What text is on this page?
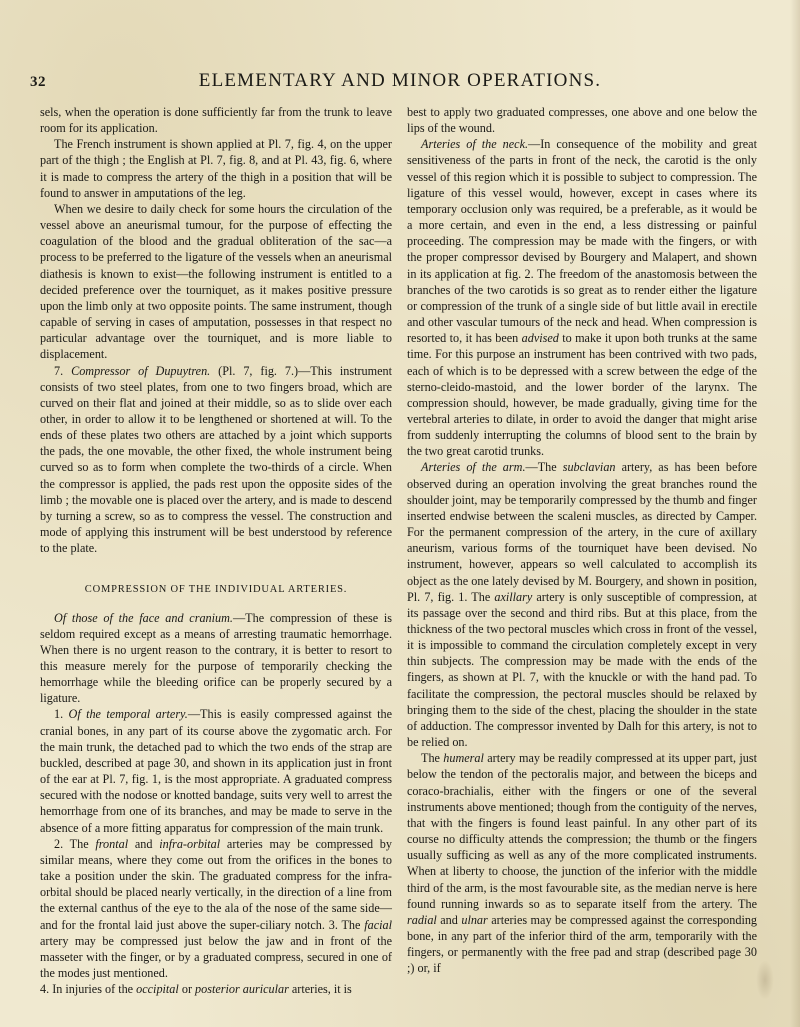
32	ELEMENTARY AND MINOR OPERATIONS.

sels, when the operation is done sufficiently far from the trunk to leave room for its application.

The French instrument is shown applied at Pl. 7, fig. 4, on the upper part of the thigh ; the English at Pl. 7, fig. 8, and at Pl. 43, fig. 6, where it is made to compress the artery of the thigh in a position that will be found to answer in amputations of the leg.

When we desire to daily check for some hours the circulation of the vessel above an aneurismal tumour, for the purpose of effecting the coagulation of the blood and the gradual obliteration of the sac—a process to be preferred to the ligature of the vessels when an aneurismal diathesis is known to exist—the following instrument is entitled to a decided preference over the tourniquet, as it makes positive pressure upon the limb only at two opposite points. The same instrument, though capable of serving in cases of amputation, possesses in that respect no particular advantage over the tourniquet, and is more liable to displacement.

7. Compressor of Dupuytren. (Pl. 7, fig. 7.)—This instrument consists of two steel plates, from one to two fingers broad, which are curved on their flat and joined at their middle, so as to slide over each other, in order to allow it to be lengthened or shortened at will. To the ends of these plates two others are attached by a joint which supports the pads, the one movable, the other fixed, the whole instrument being curved so as to form when complete the two-thirds of a circle. When the compressor is applied, the pads rest upon the opposite sides of the limb ; the movable one is placed over the artery, and is made to descend by turning a screw, so as to compress the vessel. The construction and mode of applying this instrument will be best understood by reference to the plate.

COMPRESSION OF THE INDIVIDUAL ARTERIES.

Of those of the face and cranium.—The compression of these is seldom required except as a means of arresting traumatic hemorrhage. When there is no urgent reason to the contrary, it is better to resort to this measure merely for the purpose of temporarily checking the hemorrhage while the bleeding orifice can be properly secured by a ligature.

1. Of the temporal artery.—This is easily compressed against the cranial bones, in any part of its course above the zygomatic arch. For the main trunk, the detached pad to which the two ends of the strap are buckled, described at page 30, and shown in its application just in front of the ear at Pl. 7, fig. 1, is the most appropriate. A graduated compress secured with the nodose or knotted bandage, suits very well to arrest the hemorrhage from one of its branches, and may be made to serve in the absence of a more fitting apparatus for compression of the main trunk.

2. The frontal and infra-orbital arteries may be compressed by similar means, where they come out from the orifices in the bones to take a position under the skin. The graduated compress for the infra-orbital should be placed nearly vertically, in the direction of a line from the external canthus of the eye to the ala of the nose of the same side—and for the frontal laid just above the super-ciliary notch. 3. The facial artery may be compressed just below the jaw and in front of the masseter with the finger, or by a graduated compress, secured in one of the modes just mentioned.
4. In injuries of the occipital or posterior auricular arteries, it is

best to apply two graduated compresses, one above and one below the lips of the wound.

Arteries of the neck.—In consequence of the mobility and great sensitiveness of the parts in front of the neck, the carotid is the only vessel of this region which it is possible to subject to compression. The ligature of this vessel would, however, except in cases where its temporary occlusion only was required, be a preferable, as it would be a more certain, and even in the end, a less distressing or painful proceeding. The compression may be made with the fingers, or with the proper compressor devised by Bourgery and Malapert, and shown in its application at fig. 2. The freedom of the anastomosis between the branches of the two carotids is so great as to render either the ligature or compression of the trunk of a single side of but little avail in erectile and other vascular tumours of the neck and head. When compression is resorted to, it has been advised to make it upon both trunks at the same time. For this purpose an instrument has been contrived with two pads, each of which is to be depressed with a screw between the edge of the sterno-cleido-mastoid, and the lower border of the larynx. The compression should, however, be made gradually, giving time for the vertebral arteries to dilate, in order to avoid the danger that might arise from suddenly interrupting the columns of blood sent to the brain by the two great carotid trunks.

Arteries of the arm.—The subclavian artery, as has been before observed during an operation involving the great branches round the shoulder joint, may be temporarily compressed by the thumb and finger inserted endwise between the scaleni muscles, as directed by Camper. For the permanent compression of the artery, in the cure of axillary aneurism, various forms of the tourniquet have been devised. No instrument, however, appears so well calculated to accomplish its object as the one lately devised by M. Bourgery, and shown in position, Pl. 7, fig. 1. The axillary artery is only susceptible of compression, at its passage over the second and third ribs. But at this place, from the thickness of the two pectoral muscles which cross in front of the vessel, it is impossible to command the circulation completely except in very thin subjects. The compression may be made with the ends of the fingers, as shown at Pl. 7, with the knuckle or with the hand pad. To facilitate the compression, the pectoral muscles should be relaxed by bringing them to the side of the chest, placing the shoulder in the state of adduction. The compressor invented by Dalh for this artery, is not to be relied on.

The humeral artery may be readily compressed at its upper part, just below the tendon of the pectoralis major, and between the biceps and coraco-brachialis, either with the fingers or one of the several instruments above mentioned; though from the contiguity of the nerves, that with the fingers is found least painful. In any other part of its course no difficulty attends the compression; the thumb or the fingers usually sufficing as well as any of the more complicated instruments. When at liberty to choose, the junction of the inferior with the middle third of the arm, is the most favourable site, as the median nerve is here found running inwards so as to separate itself from the artery. The radial and ulnar arteries may be compressed against the corresponding bone, in any part of the inferior third of the arm, temporarily with the fingers, or permanently with the free pad and strap (described page 30 ;) or, if
